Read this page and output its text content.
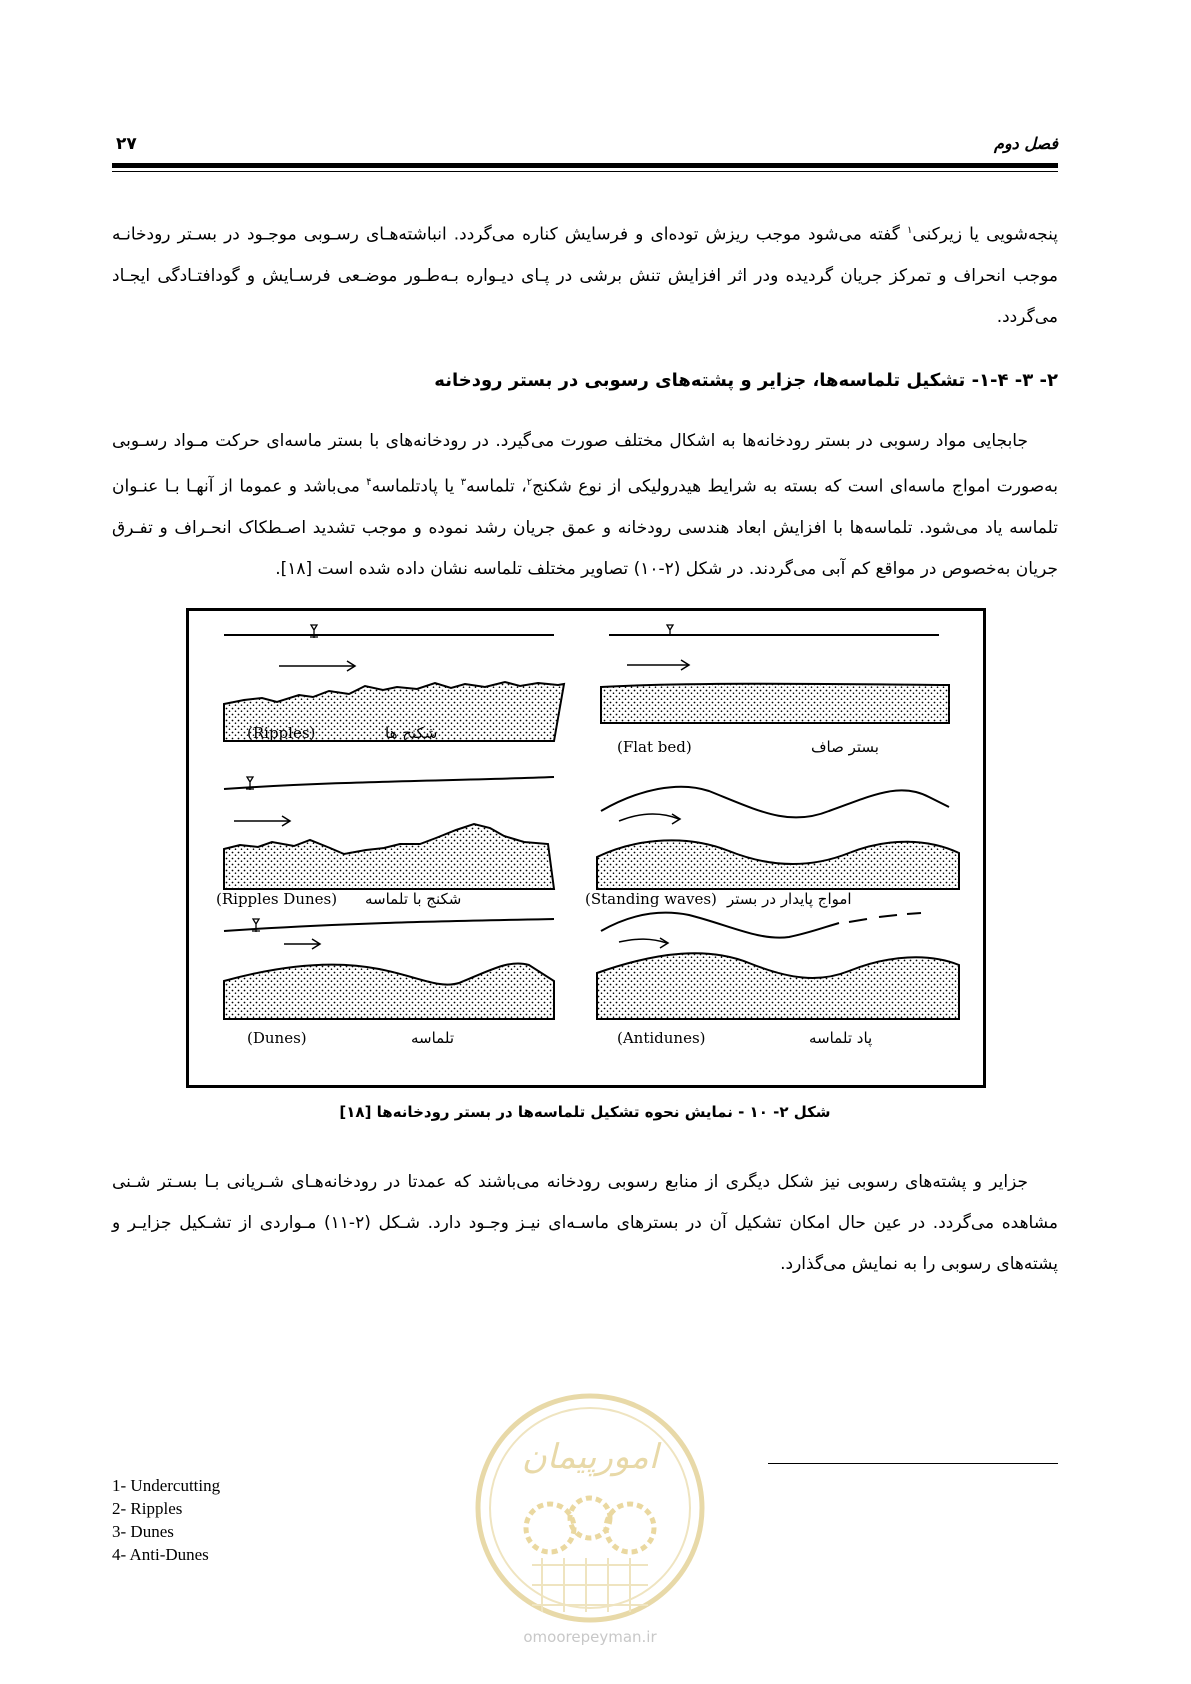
۲۷	فصل دوم

پنجه‌شویی یا زیرکنی$^۱$ گفته می‌شود موجب ریزش توده‌ای و فرسایش کناره می‌گردد. انباشته‌هـای رسـوبی موجـود در بسـتر رودخانـه موجب انحراف و تمرکز جریان گردیده ودر اثر افزایش تنش برشی در پـای دیـواره بـه‌طـور موضـعی فرسـایش و گودافتـادگی ایجـاد می‌گردد.

۲- ۳- ۱-۴- تشکیل تلماسه‌ها، جزایر و پشته‌های رسوبی در بستر رودخانه

جابجایی مواد رسوبی در بستر رودخانه‌ها به اشکال مختلف صورت می‌گیرد. در رودخانه‌های با بستر ماسه‌ای حرکت مـواد رسـوبی به‌صورت امواج ماسه‌ای است که بسته به شرایط هیدرولیکی از نوع شکنج$^۲$، تلماسه$^۳$ یا پادتلماسه$^۴$ می‌باشد و عموما از آنهـا بـا عنـوان تلماسه یاد می‌شود. تلماسه‌ها با افزایش ابعاد هندسی رودخانه و عمق جریان رشد نموده و موجب تشدید اصـطکاک انحـراف و تفـرق جریان به‌خصوص در مواقع کم آبی می‌گردند. در شکل (۲-۱۰) تصاویر مختلف تلماسه نشان داده شده است [۱۸].

(Ripples)	شکنج ها
(Flat bed)	بستر صاف
(Ripples Dunes) شکنج با تلماسه	(Standing waves) امواج پایدار در بستر
(Dunes)	تلماسه	(Antidunes)	پاد تلماسه
شکل ۲- ۱۰ - نمایش نحوه تشکیل تلماسه‌ها در بستر رودخانه‌ها [۱۸]

جزایر و پشته‌های رسوبی نیز شکل دیگری از منابع رسوبی رودخانه می‌باشند که عمدتا در رودخانه‌هـای شـریانی بـا بسـتر شـنی مشاهده می‌گردد. در عین حال امکان تشکیل آن در بسترهای ماسـه‌ای نیـز وجـود دارد. شـکل (۲-۱۱) مـواردی از تشـکیل جزایـر و پشته‌های رسوبی را به نمایش می‌گذارد.

1- Undercutting
2- Ripples
3- Dunes
4- Anti-Dunes
امورپیمان
omoorepeyman.ir
